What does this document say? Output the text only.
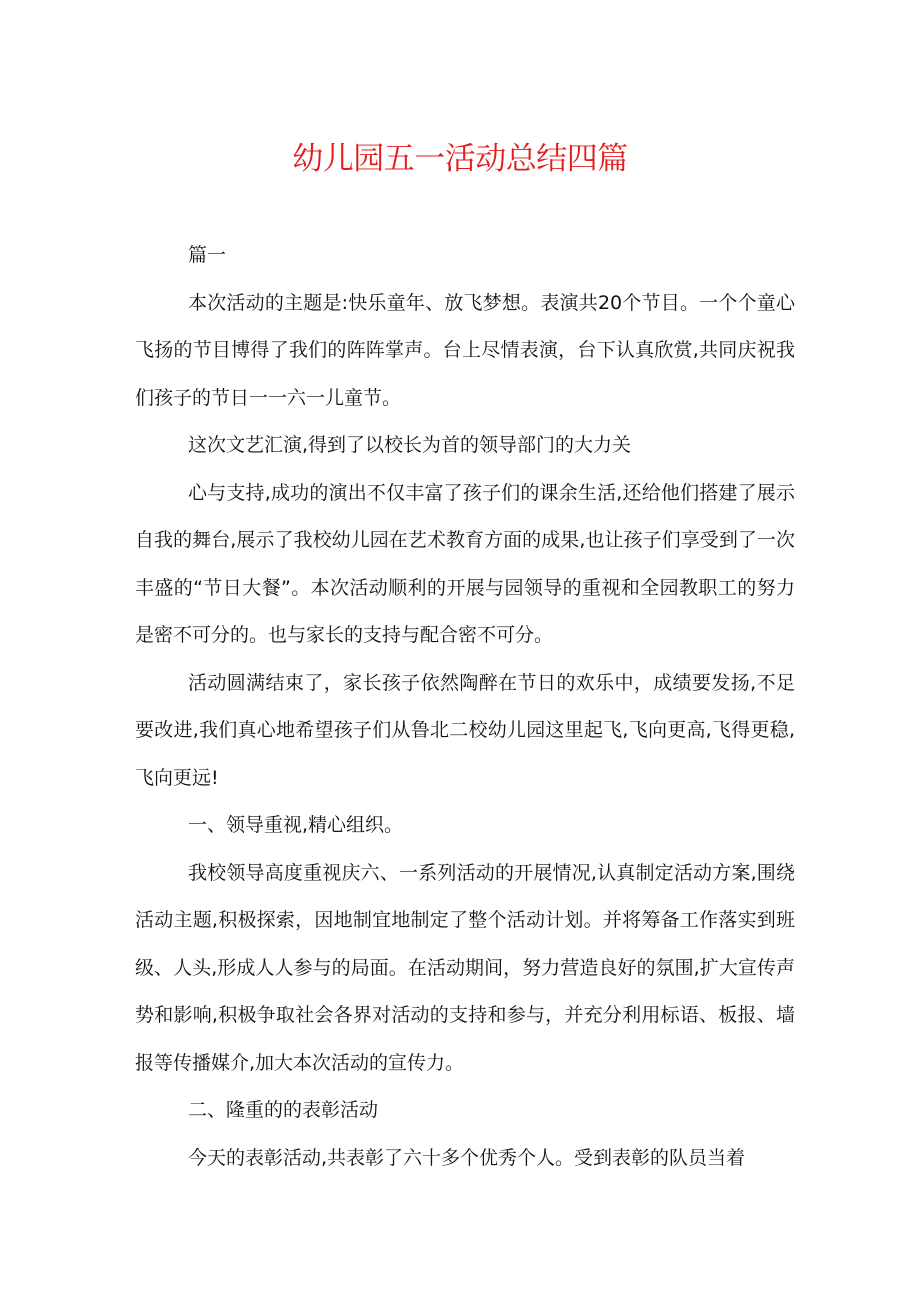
幼儿园五一活动总结四篇

篇一

本次活动的主题是:快乐童年、放飞梦想。表演共20个节目。一个个童心飞扬的节目博得了我们的阵阵掌声。台上尽情表演，台下认真欣赏,共同庆祝我们孩子的节日一一六一儿童节。

这次文艺汇演,得到了以校长为首的领导部门的大力关

心与支持,成功的演出不仅丰富了孩子们的课余生活,还给他们搭建了展示自我的舞台,展示了我校幼儿园在艺术教育方面的成果,也让孩子们享受到了一次丰盛的“节日大餐”。本次活动顺利的开展与园领导的重视和全园教职工的努力是密不可分的。也与家长的支持与配合密不可分。

活动圆满结束了，家长孩子依然陶醉在节日的欢乐中，成绩要发扬,不足要改进,我们真心地希望孩子们从鲁北二校幼儿园这里起飞,飞向更高,飞得更稳,飞向更远!

一、领导重视,精心组织。

我校领导高度重视庆六、一系列活动的开展情况,认真制定活动方案,围绕活动主题,积极探索，因地制宜地制定了整个活动计划。并将筹备工作落实到班级、人头,形成人人参与的局面。在活动期间，努力营造良好的氛围,扩大宣传声势和影响,积极争取社会各界对活动的支持和参与，并充分利用标语、板报、墙报等传播媒介,加大本次活动的宣传力。

二、隆重的的表彰活动

今天的表彰活动,共表彰了六十多个优秀个人。受到表彰的队员当着
